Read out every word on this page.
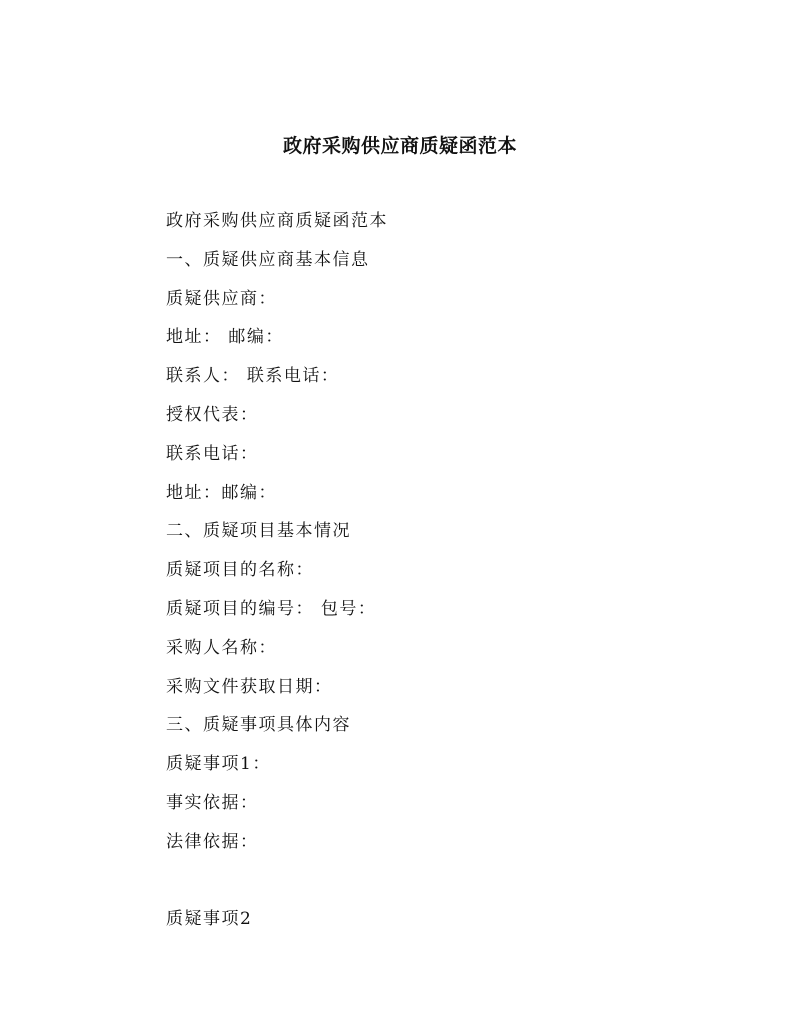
政府采购供应商质疑函范本
政府采购供应商质疑函范本
一、质疑供应商基本信息
质疑供应商：
地址： 邮编：
联系人： 联系电话：
授权代表：
联系电话：
地址：邮编：
二、质疑项目基本情况
质疑项目的名称：
质疑项目的编号： 包号：
采购人名称：
采购文件获取日期：
三、质疑事项具体内容
质疑事项1：
事实依据：
法律依据：
质疑事项2
